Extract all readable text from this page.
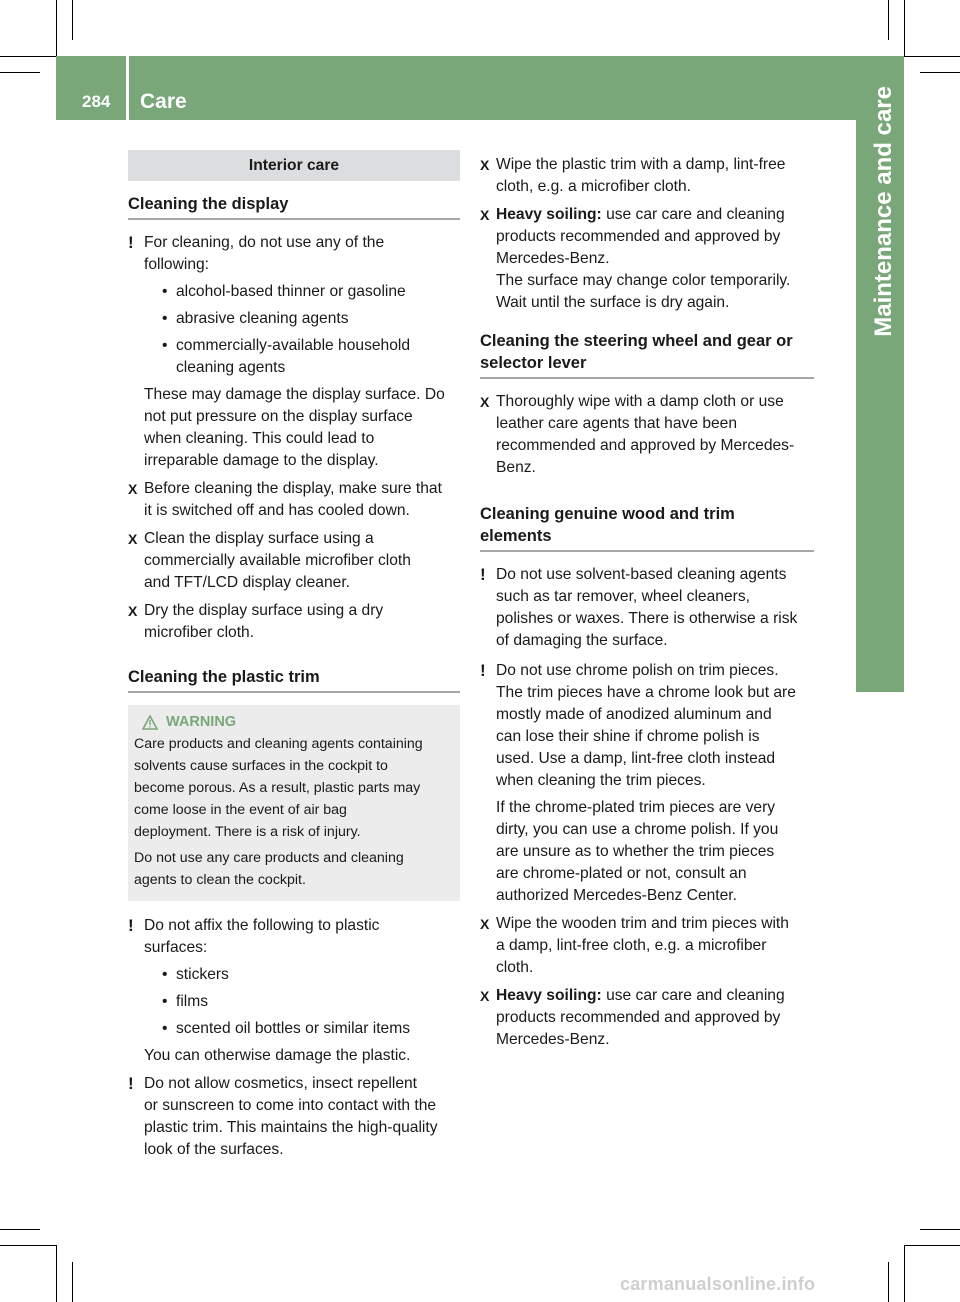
284 Care	Maintenance and care
Interior care
Cleaning the display
! For cleaning, do not use any of the
following:
• alcohol-based thinner or gasoline
• abrasive cleaning agents
• commercially-available household
cleaning agents
These may damage the display surface. Do
not put pressure on the display surface
when cleaning. This could lead to
irreparable damage to the display.
X Before cleaning the display, make sure that
it is switched off and has cooled down.
X Clean the display surface using a
commercially available microfiber cloth
and TFT/LCD display cleaner.
X Dry the display surface using a dry
microfiber cloth.
Cleaning the plastic trim
WARNING

Care products and cleaning agents containing
solvents cause surfaces in the cockpit to
become porous. As a result, plastic parts may
come loose in the event of air bag
deployment. There is a risk of injury.

Do not use any care products and cleaning
agents to clean the cockpit.

! Do not affix the following to plastic
surfaces:
• stickers
• films
• scented oil bottles or similar items
You can otherwise damage the plastic.
! Do not allow cosmetics, insect repellent
or sunscreen to come into contact with the
plastic trim. This maintains the high-quality
look of the surfaces.
X Wipe the plastic trim with a damp, lint-free
cloth, e.g. a microfiber cloth.
X Heavy soiling: use car care and cleaning
products recommended and approved by
Mercedes-Benz.
The surface may change color temporarily.
Wait until the surface is dry again.
Cleaning the steering wheel and gear or
selector lever
X Thoroughly wipe with a damp cloth or use
leather care agents that have been
recommended and approved by Mercedes-
Benz.
Cleaning genuine wood and trim
elements
! Do not use solvent-based cleaning agents
such as tar remover, wheel cleaners,
polishes or waxes. There is otherwise a risk
of damaging the surface.
! Do not use chrome polish on trim pieces.
The trim pieces have a chrome look but are
mostly made of anodized aluminum and
can lose their shine if chrome polish is
used. Use a damp, lint-free cloth instead
when cleaning the trim pieces.
If the chrome-plated trim pieces are very
dirty, you can use a chrome polish. If you
are unsure as to whether the trim pieces
are chrome-plated or not, consult an
authorized Mercedes-Benz Center.
X Wipe the wooden trim and trim pieces with
a damp, lint-free cloth, e.g. a microfiber
cloth.
X Heavy soiling: use car care and cleaning
products recommended and approved by
Mercedes-Benz.
carmanualsonline.info
